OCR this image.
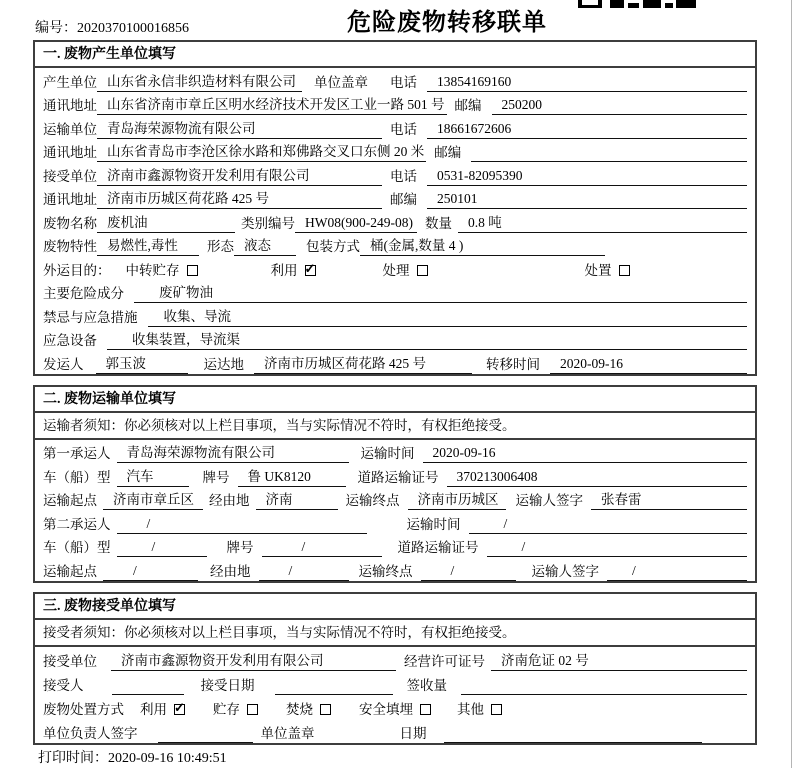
编号：2020370100016856	危险废物转移联单
一. 废物产生单位填写
产生单位 山东省永信非织造材料有限公司	单位盖章 电话	13854169160
通讯地址 山东省济南市章丘区明水经济技术开发区工业一路 501 号 邮编	250200
运输单位 青岛海荣源物流有限公司	电话	18661672606
通讯地址 山东省青岛市李沧区徐水路和郑佛路交叉口东侧 20 米 邮编
接受单位 济南市鑫源物资开发利用有限公司	电话	0531-82095390
通讯地址 济南市历城区荷花路 425 号	邮编	250101
废物名称 废机油	类别编号 HW08(900-249-08) 数量	0.8 吨
废物特性 易燃性,毒性	形态 液态	包装方式 桶(金属,数量 4 )
外运目的： 中转贮存	利用 ✓	处理	处置
主要危险成分	废矿物油
禁忌与应急措施	收集、导流
应急设备	收集装置，导流渠
发运人	郭玉波	运达地	济南市历城区荷花路 425 号	转移时间	2020-09-16
二. 废物运输单位填写
运输者须知：你必须核对以上栏目事项，当与实际情况不符时，有权拒绝接受。
第一承运人	青岛海荣源物流有限公司	运输时间	2020-09-16
车（船）型	汽车	牌号	鲁 UK8120	道路运输证号	370213006408
运输起点	济南市章丘区	经由地	济南	运输终点	济南市历城区	运输人签字	张春雷
第二承运人	/	运输时间	/
车（船）型	/	牌号	/	道路运输证号	/
运输起点	/	经由地	/	运输终点	/	运输人签字	/
三. 废物接受单位填写
接受者须知：你必须核对以上栏目事项，当与实际情况不符时，有权拒绝接受。
接受单位	济南市鑫源物资开发利用有限公司	经营许可证号	济南危证 02 号
接受人	接受日期	签收量
废物处置方式 利用 ✓	贮存	焚烧	安全填埋	其他
单位负责人签字	单位盖章	日期
打印时间：2020-09-16 10:49:51
